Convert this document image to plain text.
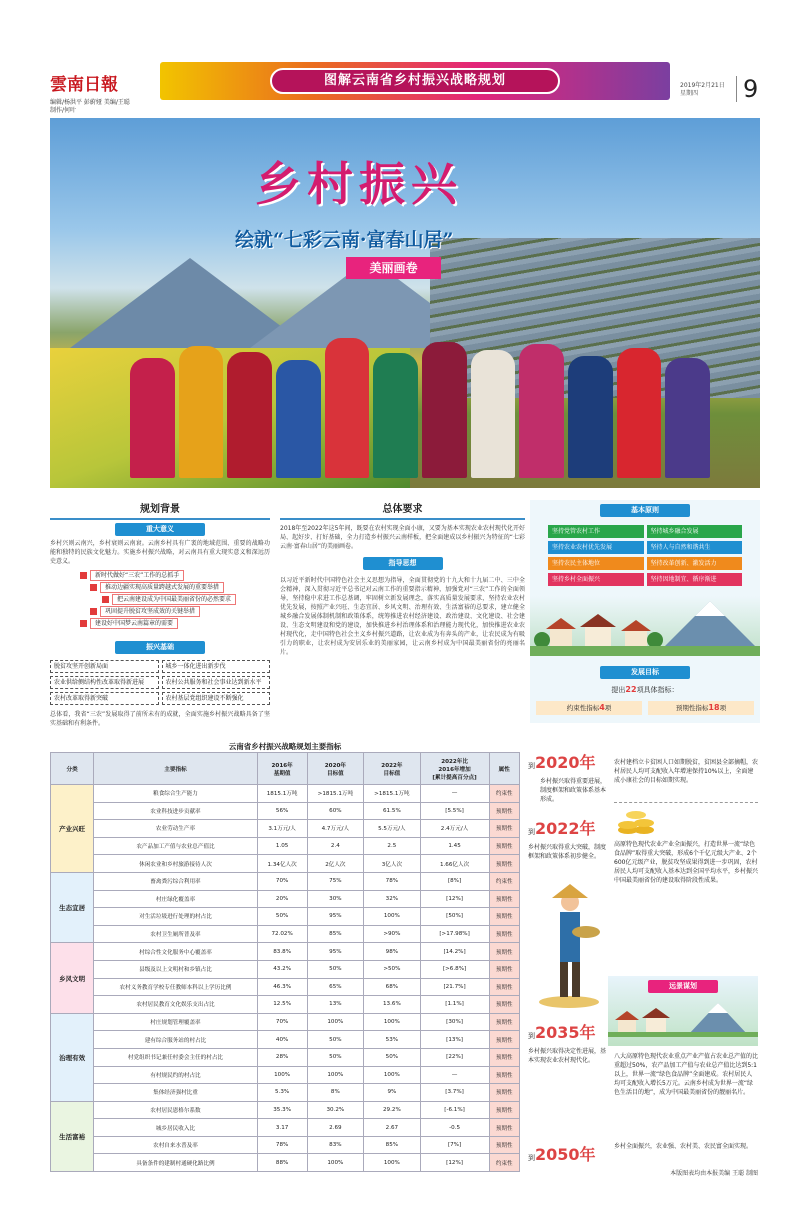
雲南日報
编辑/杨洪平 彭蔚娅 美编/王聪
制作/何叶
图解云南省乡村振兴战略规划	2019年2月21日
星期四	9
乡村振兴
绘就“七彩云南·富春山居”
美丽画卷
规划背景
重大意义
乡村兴则云南兴，乡村衰则云南衰。云南乡村具有广袤的地域范围、重要的战略功能和独特的民族文化魅力。实施乡村振兴战略，对云南具有重大现实意义和深远历史意义。
新时代做好“三农”工作的总抓手
推动边疆实现高质量跨越式发展的重要举措
把云南建设成为中国最美丽省份的必然要求
巩固提升脱贫攻坚成效的关键举措
建设好中国梦云南篇章的需要
振兴基础
脱贫攻坚开创新局面	城乡一体化进出新步伐
农业供给侧结构性改革取得新进展	农村公共服务和社会事业达到新水平
农村改革取得新突破	农村基层党组织建设不断强化
总体看，我省“三农”发展取得了前所未有的成就，全面实施乡村振兴战略具备了坚实基础和有利条件。
总体要求
2018年至2022年这5年间，既要在农村实现全面小康，又要为基本实现农业农村现代化开好局、起好步、打好基础，全力打造乡村振兴云南样板，把全面建成以乡村振兴为特征的“七彩云南·富春山居”的美丽画卷。
指导思想
以习近平新时代中国特色社会主义思想为指导，全面贯彻党的十九大和十九届二中、三中全会精神，深入贯彻习近平总书记对云南工作的重要指示精神，加强党对“三农”工作的全面领导，坚持稳中求进工作总基调，牢固树立新发展理念，落实高质量发展要求，坚持农业农村优先发展，按照产业兴旺、生态宜居、乡风文明、治理有效、生活富裕的总要求，建立健全城乡融合发展体制机制和政策体系，统筹推进农村经济建设、政治建设、文化建设、社会建设、生态文明建设和党的建设，加快推进乡村治理体系和治理能力现代化，加快推进农业农村现代化，走中国特色社会主义乡村振兴道路，让农业成为有奔头的产业，让农民成为有吸引力的职业，让农村成为安居乐业的美丽家园，让云南乡村成为中国最美丽省份的亮丽名片。
基本原则
坚持党管农村工作	坚持城乡融合发展
坚持农业农村优先发展	坚持人与自然和谐共生
坚持农民主体地位	坚持改革创新、激发活力
坚持乡村全面振兴	坚持因地制宜、循序渐进
发展目标
提出22项具体指标：
约束性指标4项	预期性指标18项
云南省乡村振兴战略规划主要指标
分类	主要指标	2016年
基期值	2020年
目标值	2022年
目标值	2022年比
2016年增加
[累计提高百分点]	属性
产业兴旺	粮食综合生产能力	1815.1万吨	>1815.1万吨	>1815.1万吨	—	约束性
	农业科技进步贡献率	56%	60%	61.5%	[5.5%]	预期性
	农业劳动生产率	3.1万元/人	4.7万元/人	5.5万元/人	2.4万元/人	预期性
	农产品加工产值与农业总产值比	1.05	2.4	2.5	1.45	预期性
	休闲农业和乡村旅游接待人次	1.34亿人次	2亿人次	3亿人次	1.66亿人次	预期性
生态宜居	畜禽粪污综合利用率	70%	75%	78%	[8%]	约束性
	村庄绿化覆盖率	20%	30%	32%	[12%]	预期性
	对生活垃圾进行处理的村占比	50%	95%	100%	[50%]	预期性
	农村卫生厕所普及率	72.02%	85%	>90%	[>17.98%]	预期性
乡风文明	村综合性文化服务中心覆盖率	83.8%	95%	98%	[14.2%]	预期性
	县级及以上文明村和乡镇占比	43.2%	50%	>50%	[>6.8%]	预期性
	农村义务教育学校专任教师本科以上学历比例	46.3%	65%	68%	[21.7%]	预期性
	农村居民教育文化娱乐支出占比	12.5%	13%	13.6%	[1.1%]	预期性
治理有效	村庄规划管理覆盖率	70%	100%	100%	[30%]	预期性
	建有综合服务站的村占比	40%	50%	53%	[13%]	预期性
	村党组织书记兼任村委会主任的村占比	28%	50%	50%	[22%]	预期性
	有村规民约的村占比	100%	100%	100%	—	预期性
	集体经济强村比重	5.3%	8%	9%	[3.7%]	预期性
生活富裕	农村居民恩格尔系数	35.3%	30.2%	29.2%	[-6.1%]	预期性
	城乡居民收入比	3.17	2.69	2.67	-0.5	预期性
	农村自来水普及率	78%	83%	85%	[7%]	预期性
	具备条件的建制村通硬化路比例	88%	100%	100%	[12%]	约束性
到2020年
乡村振兴取得重要进展，制度框架和政策体系基本形成。
农村建档立卡贫困人口如期脱贫，贫困县全部摘帽，农村居民人均可支配收入年增速保持10%以上，全面建成小康社会的目标如期实现。
到2022年
乡村振兴取得重大突破，制度框架和政策体系初步健全。
高原特色现代农业产业全面振兴，打造世界一流“绿色食品牌”取得重大突破，形成6个千亿元级大产业、2个600亿元级产业，脱贫攻坚成果得到进一步巩固，农村居民人均可支配收入基本达到全国平均水平，乡村振兴中国最美丽省份的建设取得阶段性成果。
远景谋划
到2035年
乡村振兴取得决定性进展，基本实现农业农村现代化。
八大高原特色现代农业重点产业产值占农业总产值的比重超过50%，农产品加工产值与农业总产值比达到5:1以上，世界一流“绿色食品牌”全面建成。农村居民人均可支配收入增长5万元。云南乡村成为世界一流“绿色生活目的地”，成为中国最美丽省份的靓丽名片。
到2050年	乡村全面振兴，农业强、农村美、农民富全面实现。
本版图表均由本报美编 王聪 制图
